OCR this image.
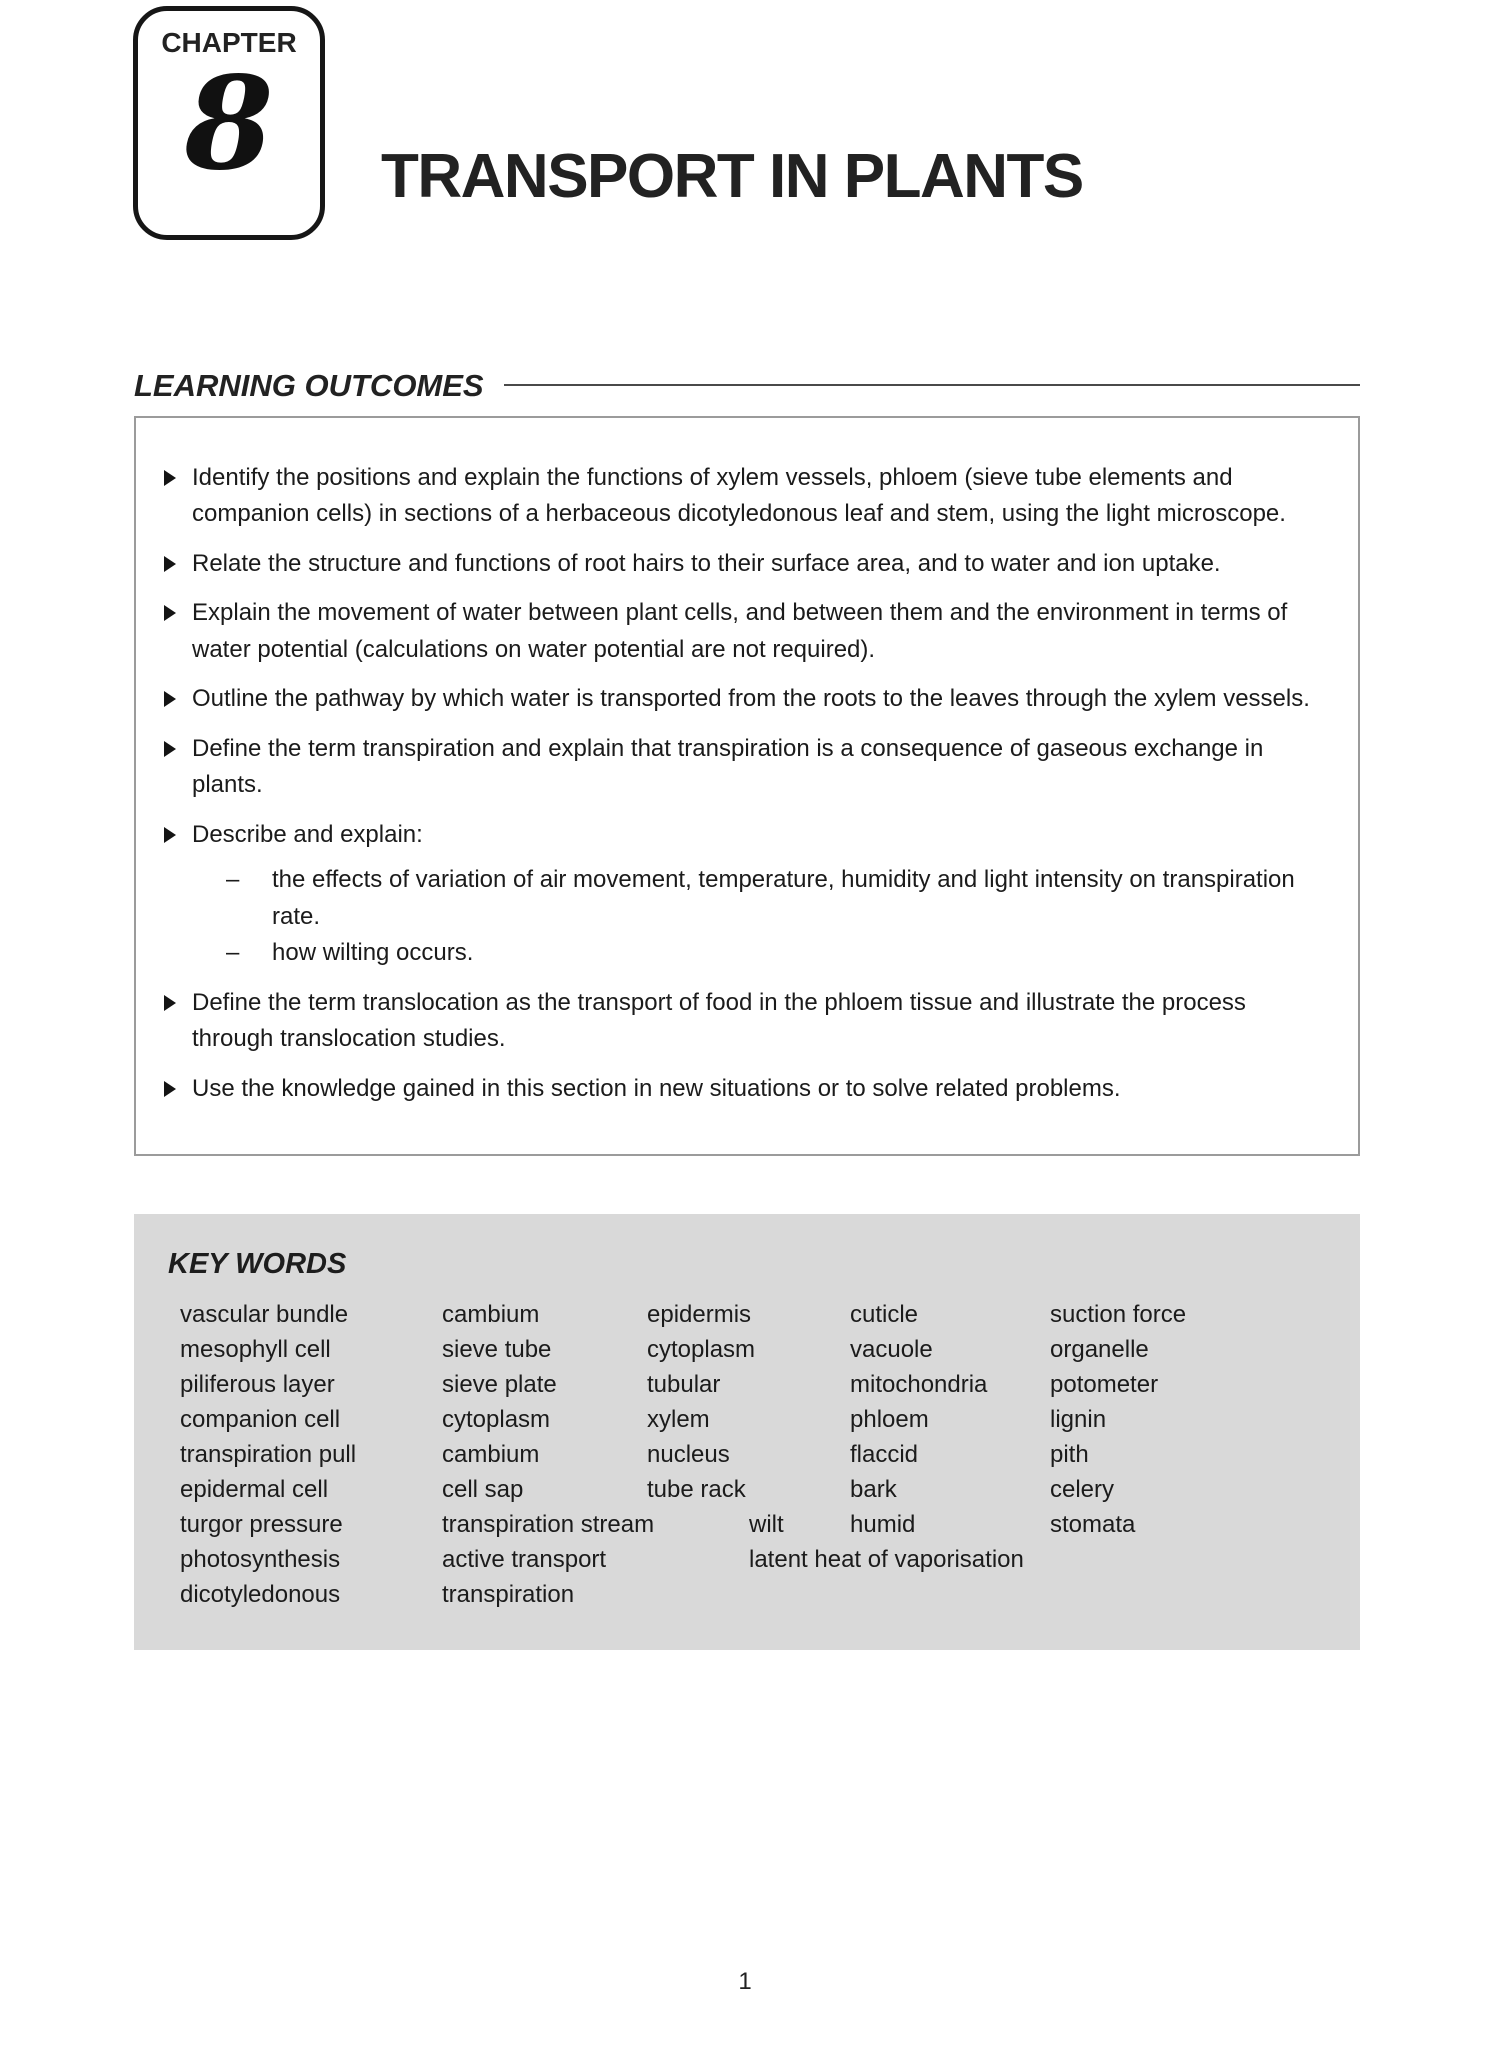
CHAPTER
8	TRANSPORT IN PLANTS
LEARNING OUTCOMES
Identify the positions and explain the functions of xylem vessels, phloem (sieve tube elements and companion cells) in sections of a herbaceous dicotyledonous leaf and stem, using the light microscope.
Relate the structure and functions of root hairs to their surface area, and to water and ion uptake.
Explain the movement of water between plant cells, and between them and the environment in terms of water potential (calculations on water potential are not required).
Outline the pathway by which water is transported from the roots to the leaves through the xylem vessels.
Define the term transpiration and explain that transpiration is a consequence of gaseous exchange in plants.
Describe and explain:
–	the effects of variation of air movement, temperature, humidity and light intensity on transpiration rate.
–	how wilting occurs.
Define the term translocation as the transport of food in the phloem tissue and illustrate the process through translocation studies.
Use the knowledge gained in this section in new situations or to solve related problems.
KEY WORDS
vascular bundle	cambium	epidermis	cuticle	suction force
mesophyll cell	sieve tube	cytoplasm	vacuole	organelle
piliferous layer	sieve plate	tubular	mitochondria	potometer
companion cell	cytoplasm	xylem	phloem	lignin
transpiration pull	cambium	nucleus	flaccid	pith
epidermal cell	cell sap	tube rack	bark	celery
turgor pressure	transpiration stream	wilt	humid	stomata
photosynthesis	active transport	latent heat of vaporisation
dicotyledonous	transpiration
1
